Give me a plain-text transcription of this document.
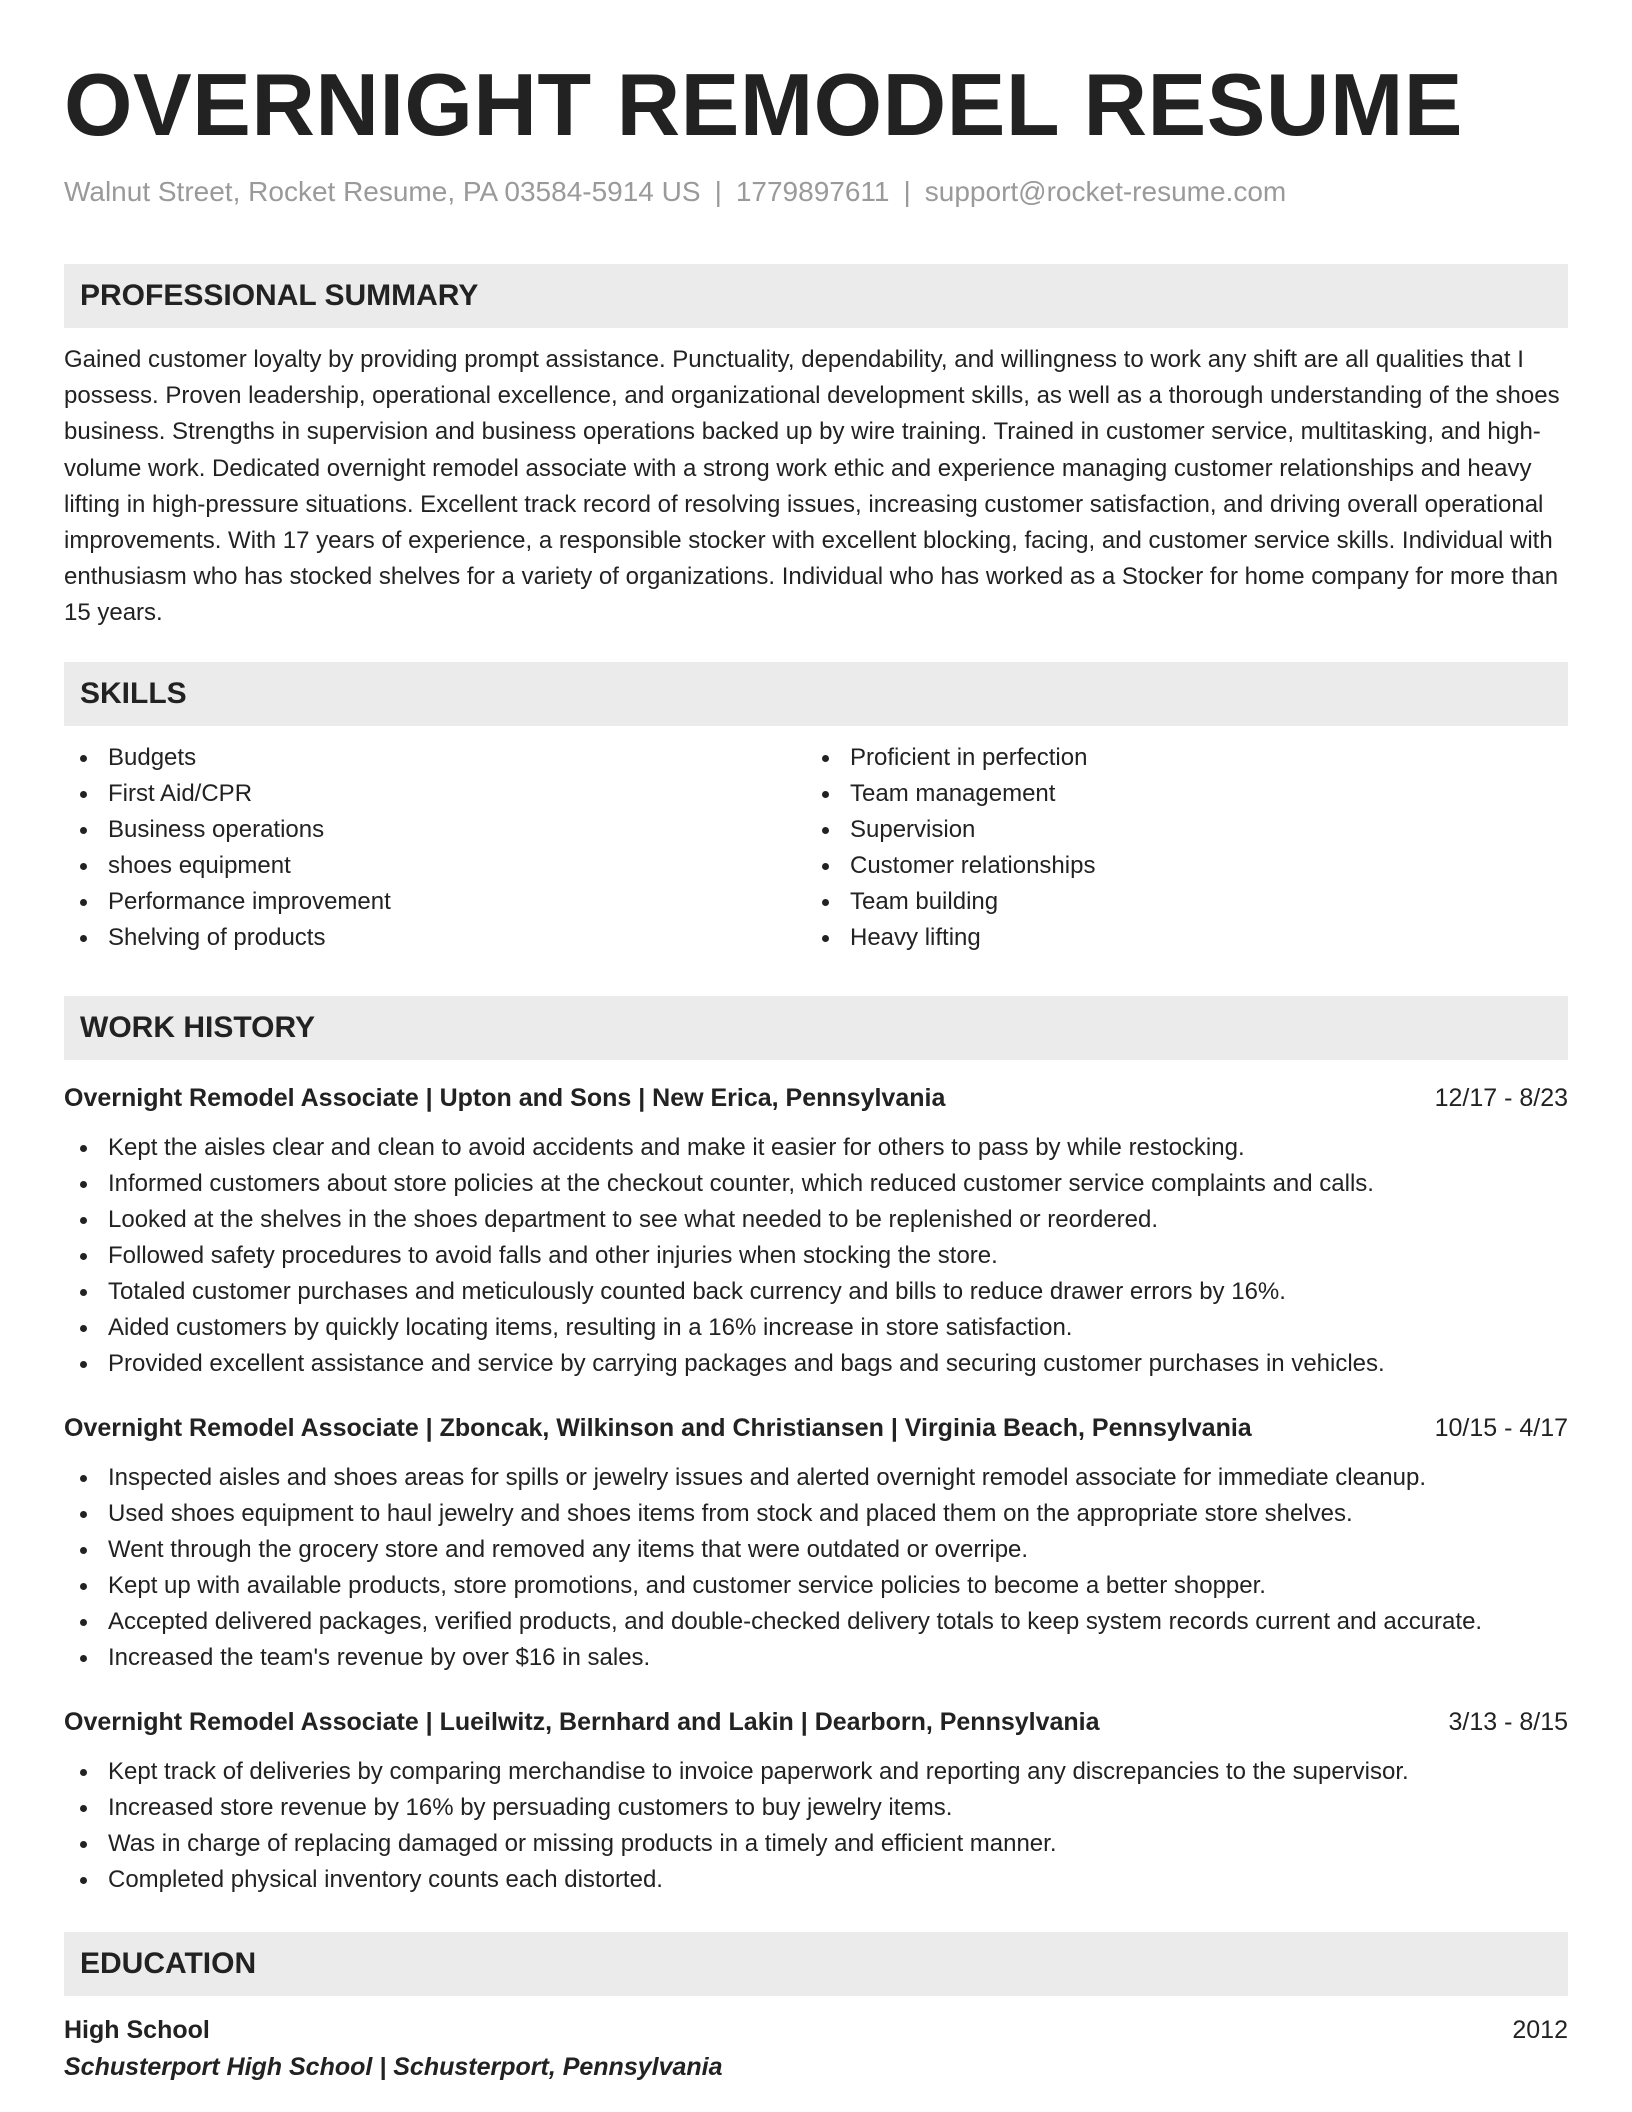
OVERNIGHT REMODEL RESUME
Walnut Street, Rocket Resume, PA 03584-5914 US | 1779897611 | support@rocket-resume.com
PROFESSIONAL SUMMARY
Gained customer loyalty by providing prompt assistance. Punctuality, dependability, and willingness to work any shift are all qualities that I possess. Proven leadership, operational excellence, and organizational development skills, as well as a thorough understanding of the shoes business. Strengths in supervision and business operations backed up by wire training. Trained in customer service, multitasking, and high-volume work. Dedicated overnight remodel associate with a strong work ethic and experience managing customer relationships and heavy lifting in high-pressure situations. Excellent track record of resolving issues, increasing customer satisfaction, and driving overall operational improvements. With 17 years of experience, a responsible stocker with excellent blocking, facing, and customer service skills. Individual with enthusiasm who has stocked shelves for a variety of organizations. Individual who has worked as a Stocker for home company for more than 15 years.
SKILLS
Budgets
First Aid/CPR
Business operations
shoes equipment
Performance improvement
Shelving of products
Proficient in perfection
Team management
Supervision
Customer relationships
Team building
Heavy lifting
WORK HISTORY
Overnight Remodel Associate | Upton and Sons | New Erica, Pennsylvania	12/17 - 8/23
Kept the aisles clear and clean to avoid accidents and make it easier for others to pass by while restocking.
Informed customers about store policies at the checkout counter, which reduced customer service complaints and calls.
Looked at the shelves in the shoes department to see what needed to be replenished or reordered.
Followed safety procedures to avoid falls and other injuries when stocking the store.
Totaled customer purchases and meticulously counted back currency and bills to reduce drawer errors by 16%.
Aided customers by quickly locating items, resulting in a 16% increase in store satisfaction.
Provided excellent assistance and service by carrying packages and bags and securing customer purchases in vehicles.
Overnight Remodel Associate | Zboncak, Wilkinson and Christiansen | Virginia Beach, Pennsylvania	10/15 - 4/17
Inspected aisles and shoes areas for spills or jewelry issues and alerted overnight remodel associate for immediate cleanup.
Used shoes equipment to haul jewelry and shoes items from stock and placed them on the appropriate store shelves.
Went through the grocery store and removed any items that were outdated or overripe.
Kept up with available products, store promotions, and customer service policies to become a better shopper.
Accepted delivered packages, verified products, and double-checked delivery totals to keep system records current and accurate.
Increased the team's revenue by over $16 in sales.
Overnight Remodel Associate | Lueilwitz, Bernhard and Lakin | Dearborn, Pennsylvania	3/13 - 8/15
Kept track of deliveries by comparing merchandise to invoice paperwork and reporting any discrepancies to the supervisor.
Increased store revenue by 16% by persuading customers to buy jewelry items.
Was in charge of replacing damaged or missing products in a timely and efficient manner.
Completed physical inventory counts each distorted.
EDUCATION
High School	2012
Schusterport High School | Schusterport, Pennsylvania
